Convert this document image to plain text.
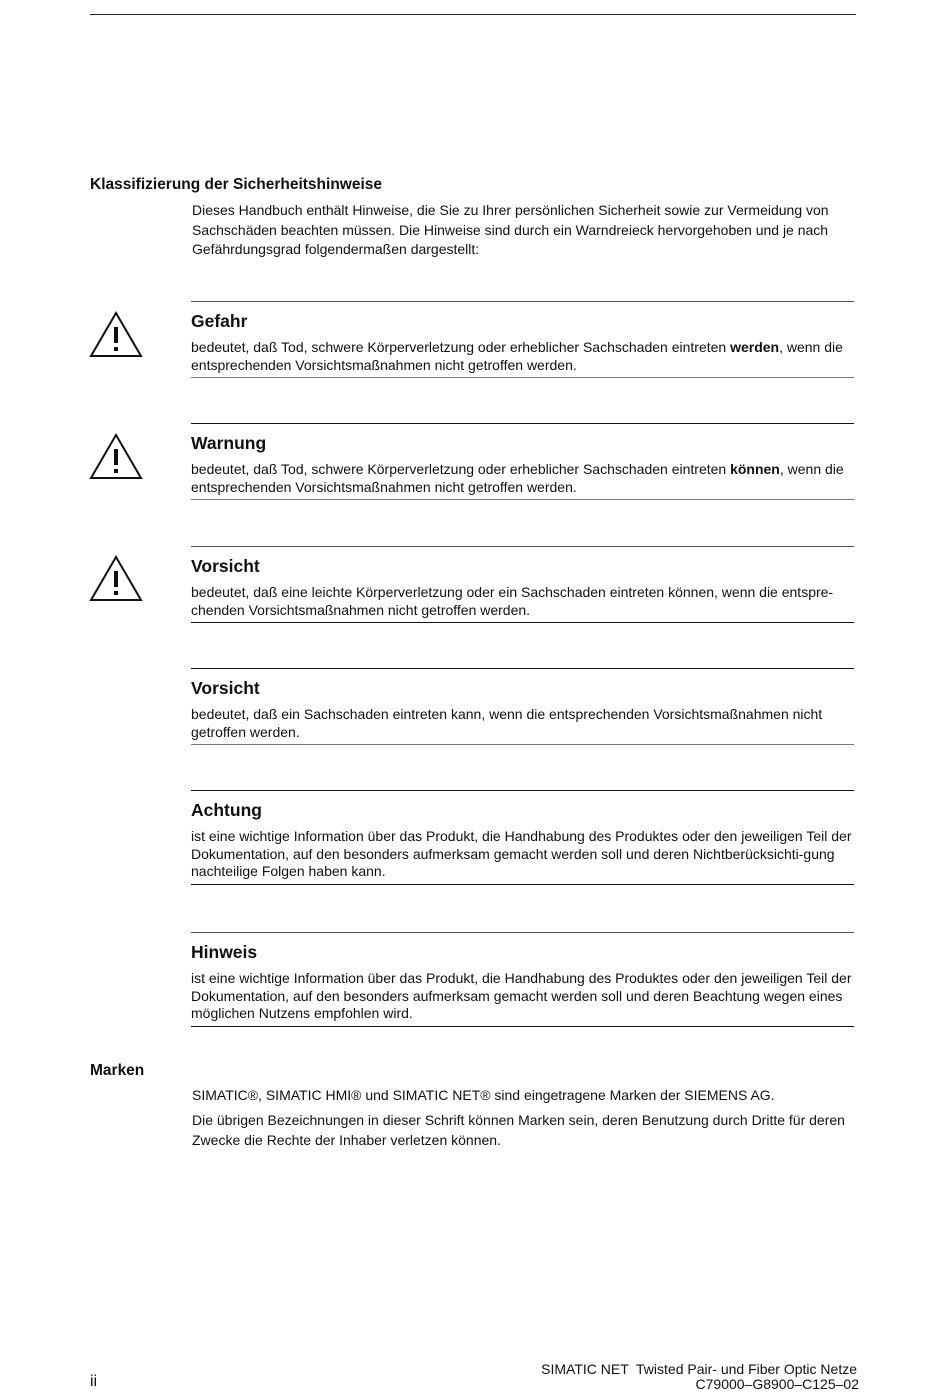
Klassifizierung der Sicherheitshinweise
Dieses Handbuch enthält Hinweise, die Sie zu Ihrer persönlichen Sicherheit sowie zur Vermeidung von Sachschäden beachten müssen. Die Hinweise sind durch ein Warndreieck hervorgehoben und je nach Gefährdungsgrad folgendermaßen dargestellt:
Gefahr
bedeutet, daß Tod, schwere Körperverletzung oder erheblicher Sachschaden eintreten werden, wenn die entsprechenden Vorsichtsmaßnahmen nicht getroffen werden.
Warnung
bedeutet, daß Tod, schwere Körperverletzung oder erheblicher Sachschaden eintreten können, wenn die entsprechenden Vorsichtsmaßnahmen nicht getroffen werden.
Vorsicht
bedeutet, daß eine leichte Körperverletzung oder ein Sachschaden eintreten können, wenn die entspre-chenden Vorsichtsmaßnahmen nicht getroffen werden.
Vorsicht
bedeutet, daß ein Sachschaden eintreten kann, wenn die entsprechenden Vorsichtsmaßnahmen nicht getroffen werden.
Achtung
ist eine wichtige Information über das Produkt, die Handhabung des Produktes oder den jeweiligen Teil der Dokumentation, auf den besonders aufmerksam gemacht werden soll und deren Nichtberücksichti-gung nachteilige Folgen haben kann.
Hinweis
ist eine wichtige Information über das Produkt, die Handhabung des Produktes oder den jeweiligen Teil der Dokumentation, auf den besonders aufmerksam gemacht werden soll und deren Beachtung wegen eines möglichen Nutzens empfohlen wird.
Marken
SIMATIC®, SIMATIC HMI® und SIMATIC NET® sind eingetragene Marken der SIEMENS AG.
Die übrigen Bezeichnungen in dieser Schrift können Marken sein, deren Benutzung durch Dritte für deren Zwecke die Rechte der Inhaber verletzen können.
ii
SIMATIC NET  Twisted Pair- und Fiber Optic Netze
C79000–G8900–C125–02
